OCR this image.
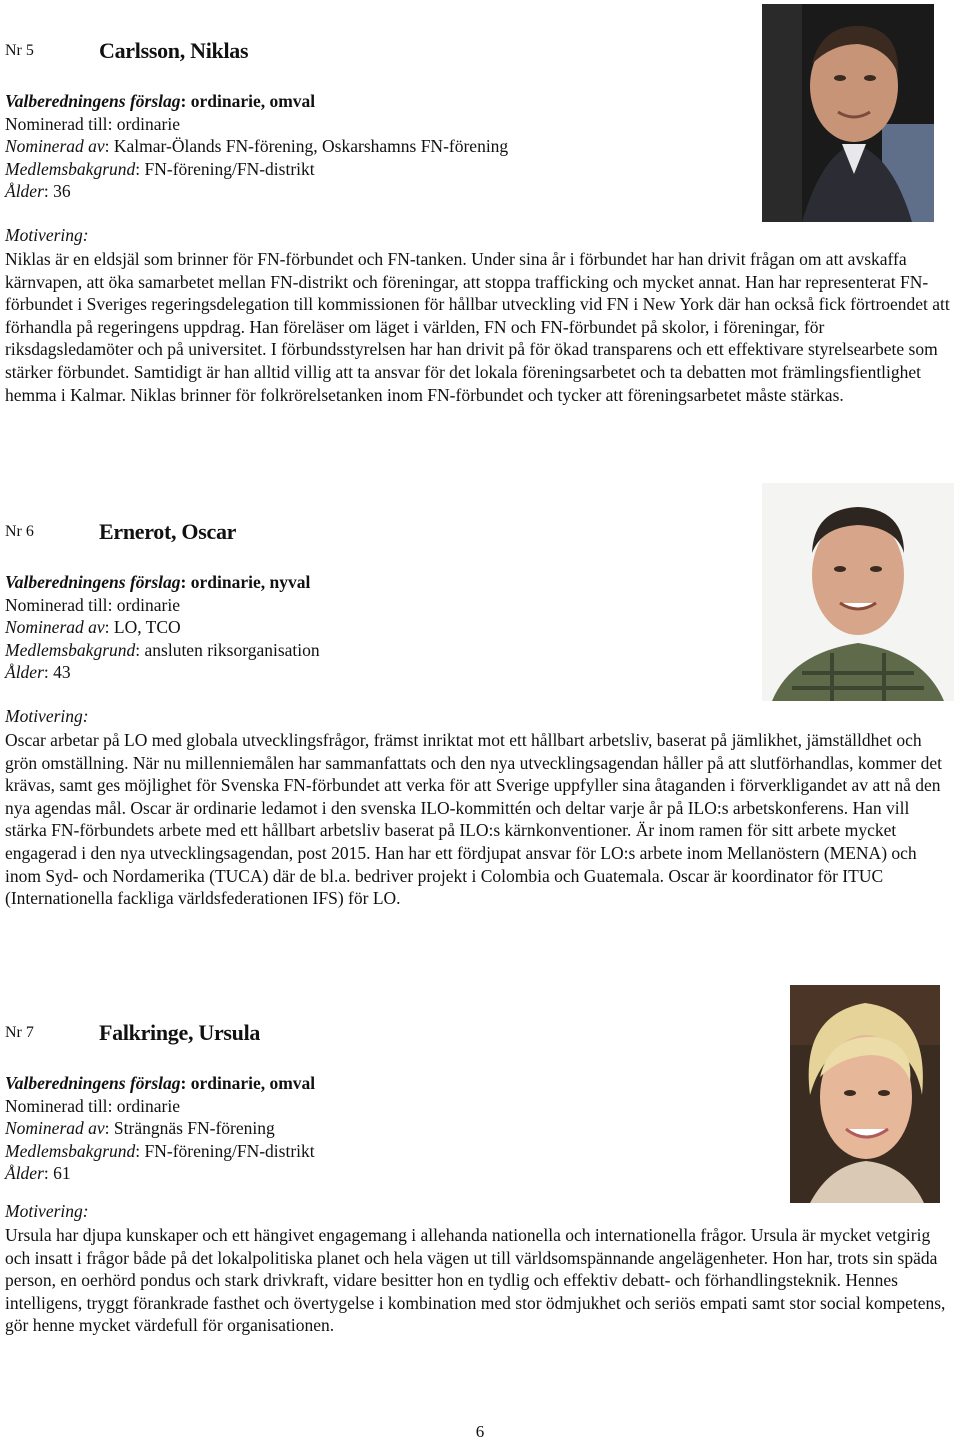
Nr 5	Carlsson, Niklas
Valberedningens förslag: ordinarie, omval
Nominerad till: ordinarie
Nominerad av: Kalmar-Ölands FN-förening, Oskarshamns FN-förening
Medlemsbakgrund: FN-förening/FN-distrikt
Ålder: 36
Motivering:
Niklas är en eldsjäl som brinner för FN-förbundet och FN-tanken. Under sina år i förbundet har han drivit frågan om att avskaffa kärnvapen, att öka samarbetet mellan FN-distrikt och föreningar, att stoppa trafficking och mycket annat. Han har representerat FN-förbundet i Sveriges regeringsdelegation till kommissionen för hållbar utveckling vid FN i New York där han också fick förtroendet att förhandla på regeringens uppdrag. Han föreläser om läget i världen, FN och FN-förbundet på skolor, i föreningar, för riksdagsledamöter och på universitet. I förbundsstyrelsen har han drivit på för ökad transparens och ett effektivare styrelsearbete som stärker förbundet. Samtidigt är han alltid villig att ta ansvar för det lokala föreningsarbetet och ta debatten mot främlingsfientlighet hemma i Kalmar. Niklas brinner för folkrörelsetanken inom FN-förbundet och tycker att föreningsarbetet måste stärkas.
Nr 6	Ernerot, Oscar
Valberedningens förslag: ordinarie, nyval
Nominerad till: ordinarie
Nominerad av: LO, TCO
Medlemsbakgrund: ansluten riksorganisation
Ålder: 43
Motivering:
Oscar arbetar på LO med globala utvecklingsfrågor, främst inriktat mot ett hållbart arbetsliv, baserat på jämlikhet, jämställdhet och grön omställning. När nu millenniemålen har sammanfattats och den nya utvecklingsagendan håller på att slutförhandlas, kommer det krävas, samt ges möjlighet för Svenska FN-förbundet att verka för att Sverige uppfyller sina åtaganden i förverkligandet av att nå den nya agendas mål. Oscar är ordinarie ledamot i den svenska ILO-kommittén och deltar varje år på ILO:s arbetskonferens. Han vill stärka FN-förbundets arbete med ett hållbart arbetsliv baserat på ILO:s kärnkonventioner. Är inom ramen för sitt arbete mycket engagerad i den nya utvecklingsagendan, post 2015. Han har ett fördjupat ansvar för LO:s arbete inom Mellanöstern (MENA) och inom Syd- och Nordamerika (TUCA) där de bl.a. bedriver projekt i Colombia och Guatemala. Oscar är koordinator för ITUC (Internationella fackliga världsfederationen IFS) för LO.
Nr 7	Falkringe, Ursula
Valberedningens förslag: ordinarie, omval
Nominerad till: ordinarie
Nominerad av: Strängnäs FN-förening
Medlemsbakgrund: FN-förening/FN-distrikt
Ålder: 61
Motivering:
Ursula har djupa kunskaper och ett hängivet engagemang i allehanda nationella och internationella frågor. Ursula är mycket vetgirig och insatt i frågor både på det lokalpolitiska planet och hela vägen ut till världsomspännande angelägenheter. Hon har, trots sin späda person, en oerhörd pondus och stark drivkraft, vidare besitter hon en tydlig och effektiv debatt- och förhandlingsteknik. Hennes intelligens, tryggt förankrade fasthet och övertygelse i kombination med stor ödmjukhet och seriös empati samt stor social kompetens, gör henne mycket värdefull för organisationen.
6
